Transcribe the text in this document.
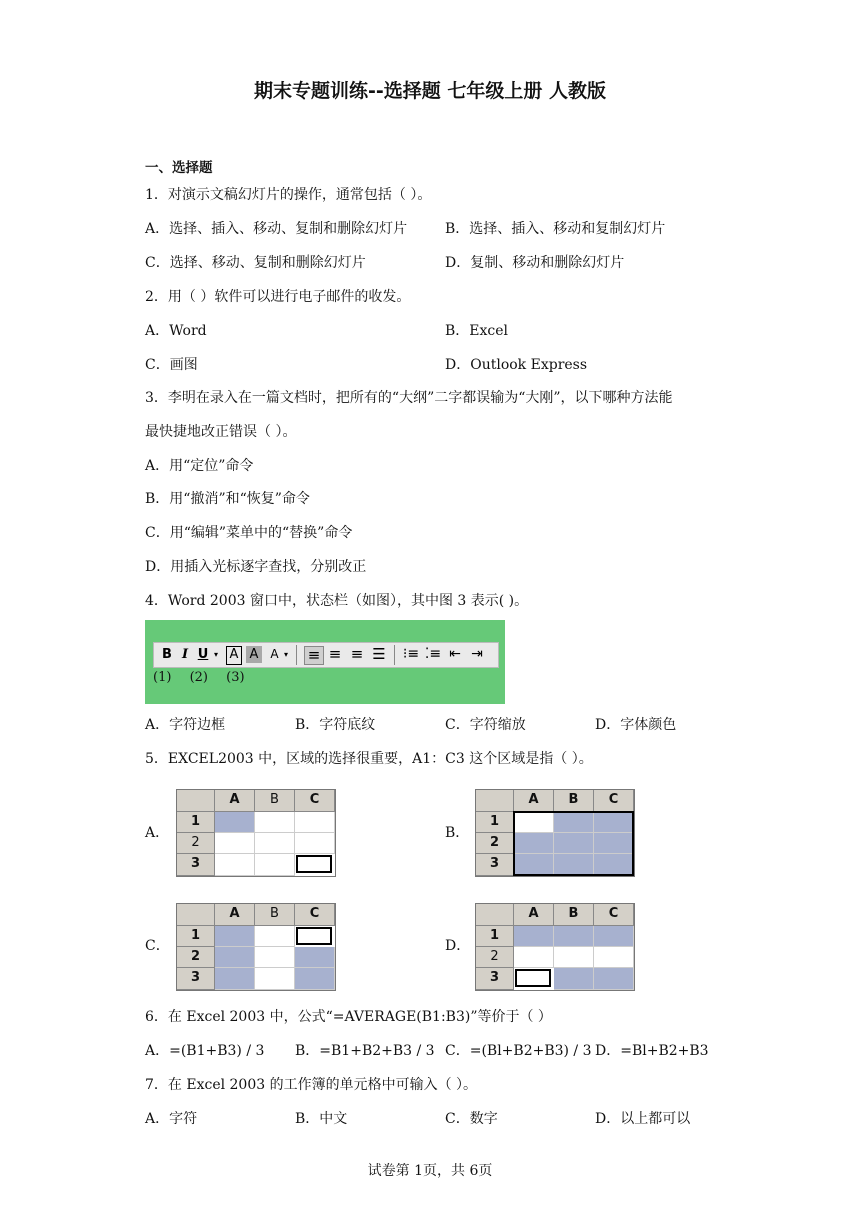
期末专题训练--选择题 七年级上册 人教版
一、选择题
1．对演示文稿幻灯片的操作，通常包括（ ）。
A．选择、插入、移动、复制和删除幻灯片	B．选择、插入、移动和复制幻灯片
C．选择、移动、复制和删除幻灯片	D．复制、移动和删除幻灯片
2．用（ ）软件可以进行电子邮件的收发。
A．Word	B．Excel
C．画图	D．Outlook Express
3．李明在录入在一篇文档时，把所有的“大纲”二字都误输为“大刚”，以下哪种方法能
最快捷地改正错误（ ）。
A．用“定位”命令
B．用“撤消”和“恢复”命令
C．用“编辑”菜单中的“替换”命令
D．用插入光标逐字查找，分别改正
4．Word 2003 窗口中，状态栏（如图），其中图 3 表示( )。
B I U ▾ A A A ▾ ≡ ≡ ≡ ☰ ⁝≡ ⁚≡ ⇤ ⇥
(1) (2) (3)
A．字符边框	B．字符底纹	C．字符缩放	D．字体颜色
5．EXCEL2003 中，区域的选择很重要，A1：C3 这个区域是指（ ）。
A．	B．
C．	D．
A	B	C
1
2
3
A	B	C
1
2
3
A	B	C
1
2
3
A	B	C
1
2
3
6．在 Excel 2003 中，公式“=AVERAGE(B1:B3)”等价于（ ）
A．=(B1+B3) / 3 B．=B1+B2+B3 / 3 C．=(Bl+B2+B3) / 3 D．=Bl+B2+B3
7．在 Excel 2003 的工作簿的单元格中可输入（ ）。
A．字符	B．中文	C．数字	D．以上都可以
试卷第 1页，共 6页
